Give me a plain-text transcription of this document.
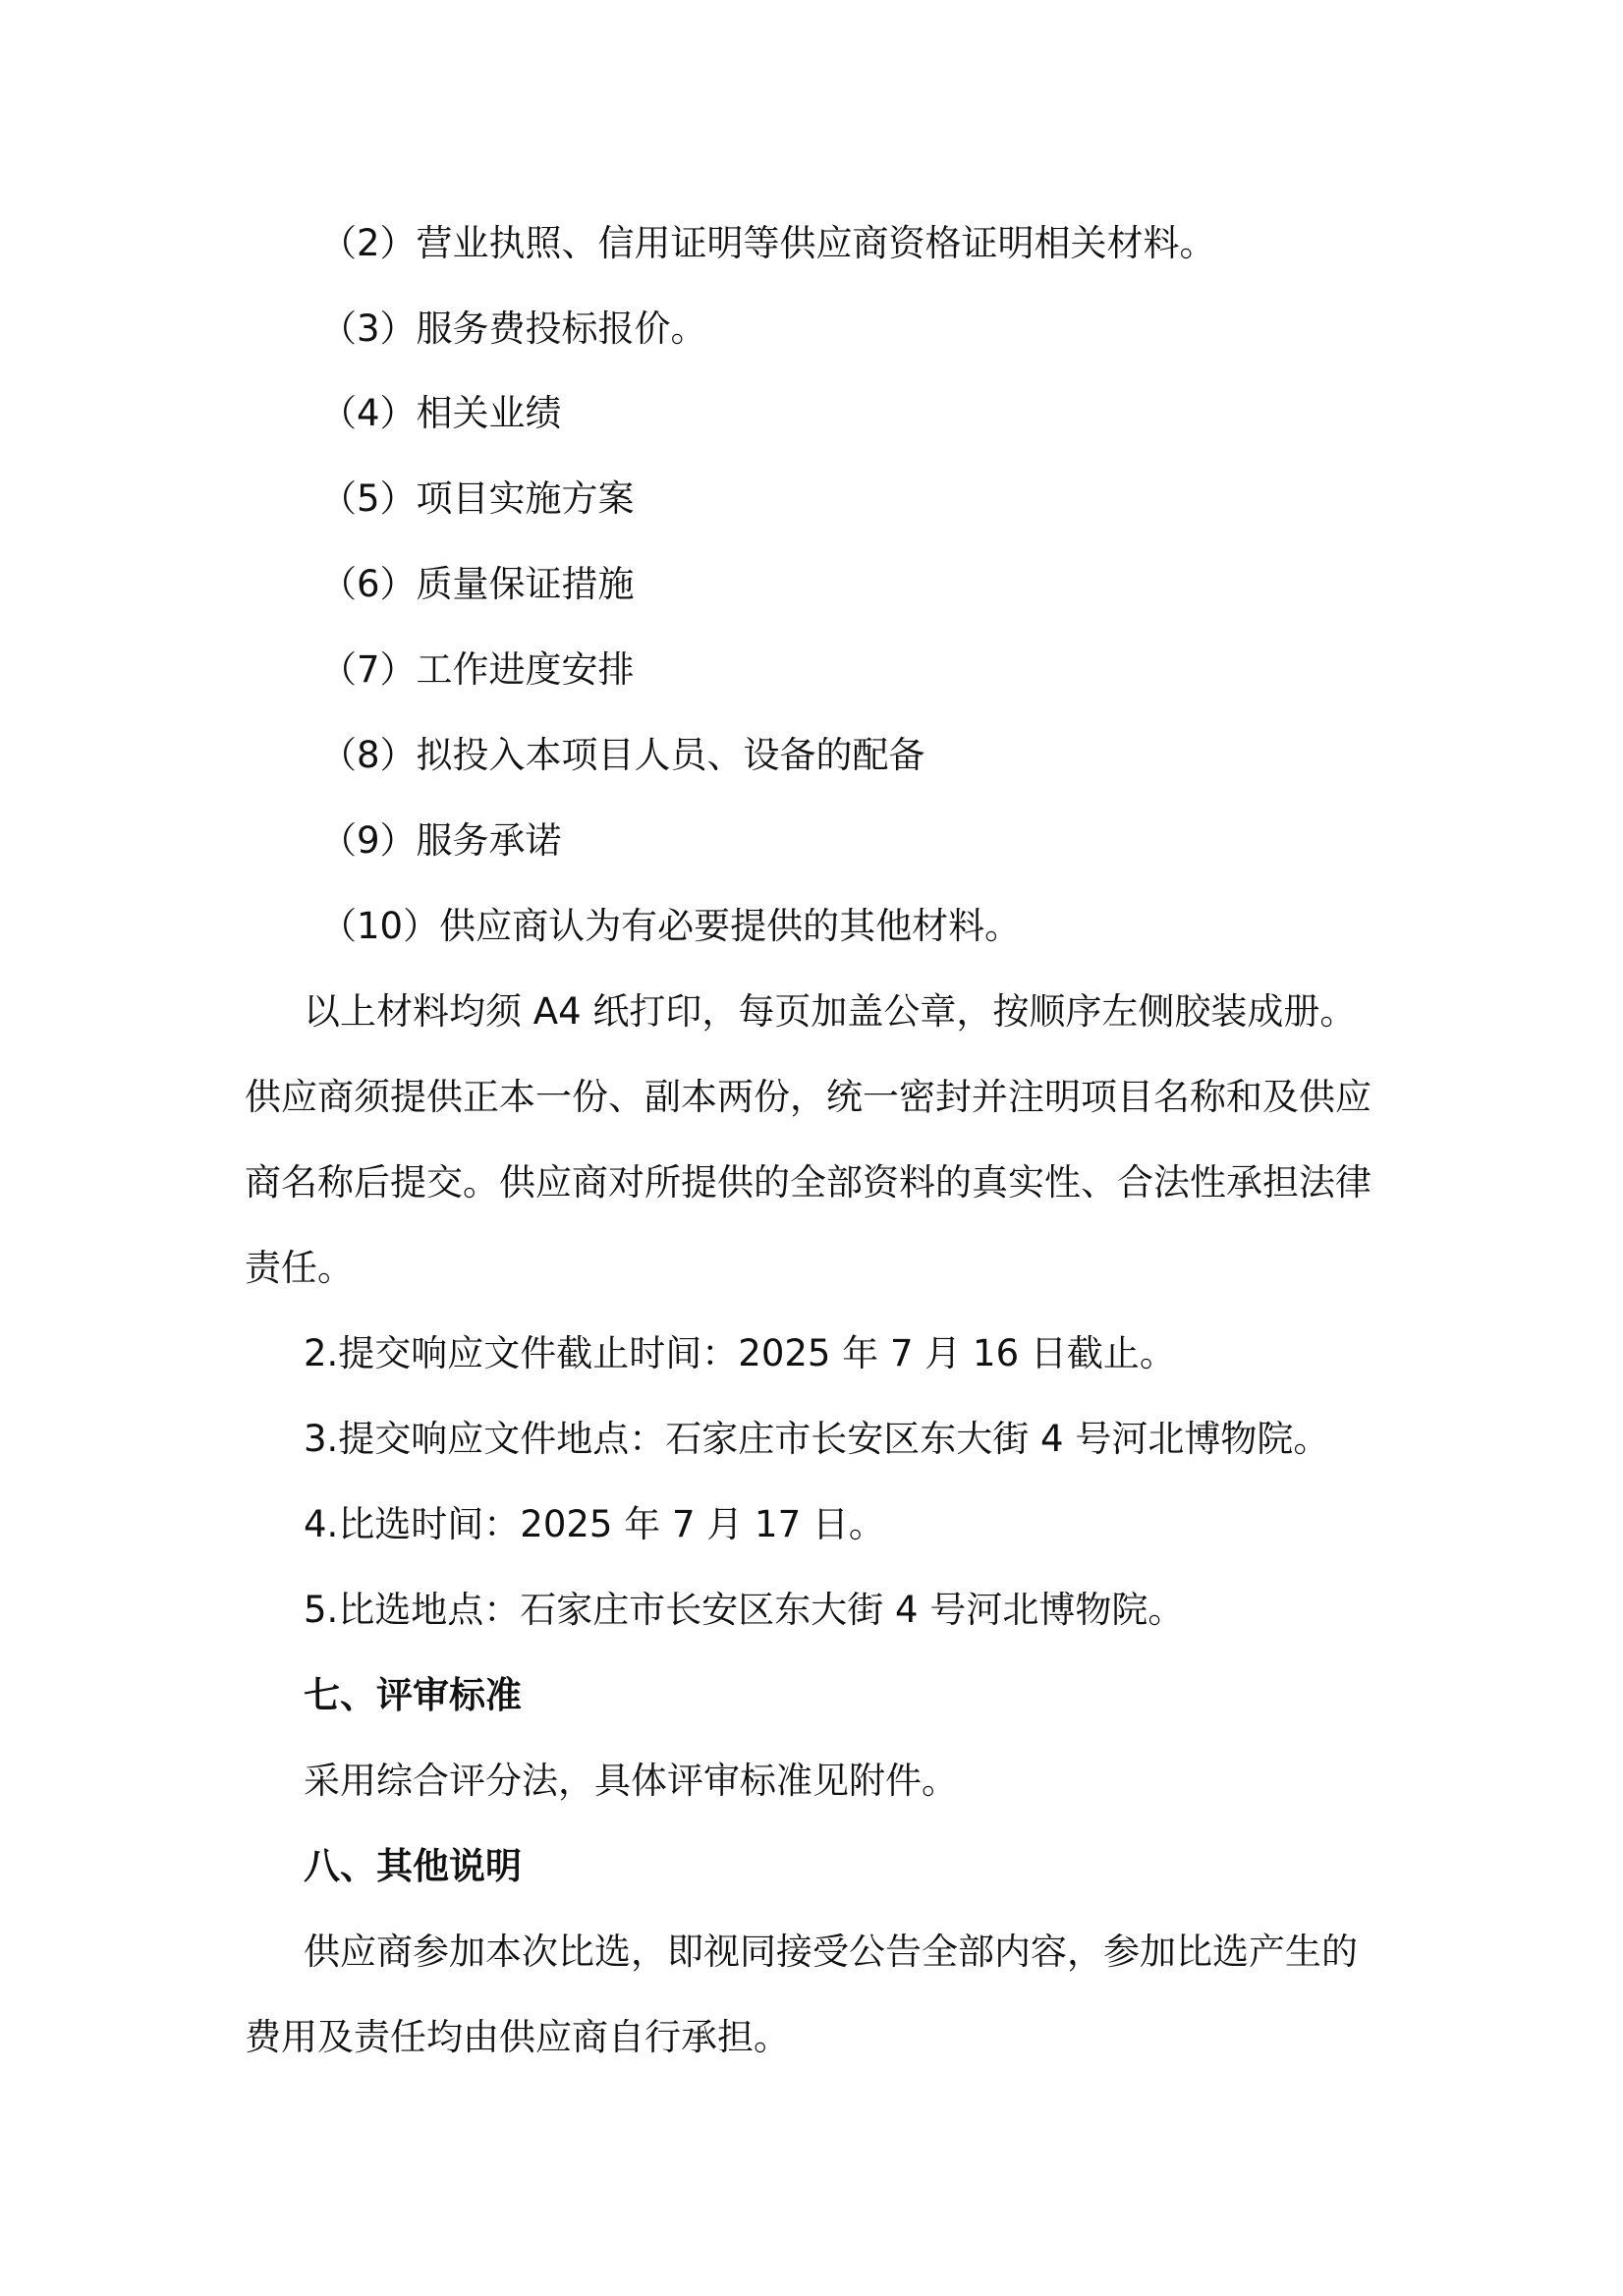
（2）营业执照、信用证明等供应商资格证明相关材料。
（3）服务费投标报价。
（4）相关业绩
（5）项目实施方案
（6）质量保证措施
（7）工作进度安排
（8）拟投入本项目人员、设备的配备
（9）服务承诺
（10）供应商认为有必要提供的其他材料。
以上材料均须 A4 纸打印，每页加盖公章，按顺序左侧胶装成册。
供应商须提供正本一份、副本两份，统一密封并注明项目名称和及供应
商名称后提交。供应商对所提供的全部资料的真实性、合法性承担法律
责任。
2.提交响应文件截止时间：2025 年 7 月 16 日截止。
3.提交响应文件地点：石家庄市长安区东大街 4 号河北博物院。
4.比选时间：2025 年 7 月 17 日。
5.比选地点：石家庄市长安区东大街 4 号河北博物院。
七、评审标准
采用综合评分法，具体评审标准见附件。
八、其他说明
供应商参加本次比选，即视同接受公告全部内容，参加比选产生的
费用及责任均由供应商自行承担。
